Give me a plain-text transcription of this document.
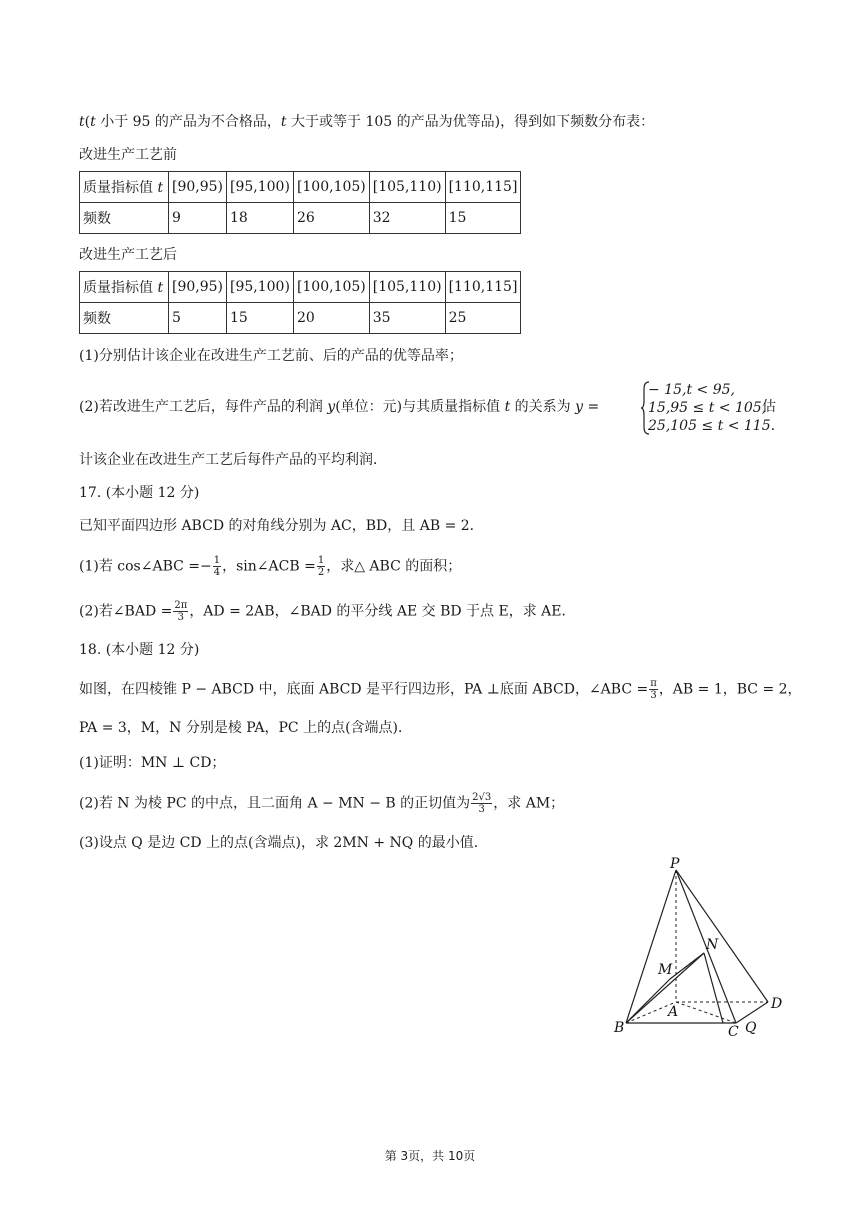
t(t 小于 95 的产品为不合格品，t 大于或等于 105 的产品为优等品)，得到如下频数分布表：
改进生产工艺前
质量指标值 t	[90,95)	[95,100)	[100,105)	[105,110)	[110,115]
频数	9	18	26	32	15
改进生产工艺后
质量指标值 t	[90,95)	[95,100)	[100,105)	[105,110)	[110,115]
频数	5	15	20	35	25
(1)分别估计该企业在改进生产工艺前、后的产品的优等品率；
(2)若改进生产工艺后，每件产品的利润 y(单位：元)与其质量指标值 t 的关系为 y =
− 15,t < 95,
15,95 ≤ t < 105,
25,105 ≤ t < 115.
估
计该企业在改进生产工艺后每件产品的平均利润．
17. (本小题 12 分)
已知平面四边形 ABCD 的对角线分别为 AC，BD，且 AB = 2．
(1)若 cos∠ABC =− $\frac{1}{4}$ ，sin∠ACB = $\frac{1}{2}$ ，求△ ABC 的面积；
(2)若∠BAD = $\frac{2\pi}{3}$ ，AD = 2AB，∠BAD 的平分线 AE 交 BD 于点 E，求 AE．
18. (本小题 12 分)
如图，在四棱锥 P − ABCD 中，底面 ABCD 是平行四边形，PA ⊥底面 ABCD，∠ABC = $\frac{\pi}{3}$ ，AB = 1，BC = 2，
PA = 3，M，N 分别是棱 PA，PC 上的点(含端点)．
(1)证明：MN ⊥ CD；
(2)若 N 为棱 PC 的中点，且二面角 A − MN − B 的正切值为 $\frac{2√3}{3}$ ，求 AM；
(3)设点 Q 是边 CD 上的点(含端点)，求 2MN + NQ 的最小值．
P
N
M
A
B	C Q
D
第 3页，共 10页
